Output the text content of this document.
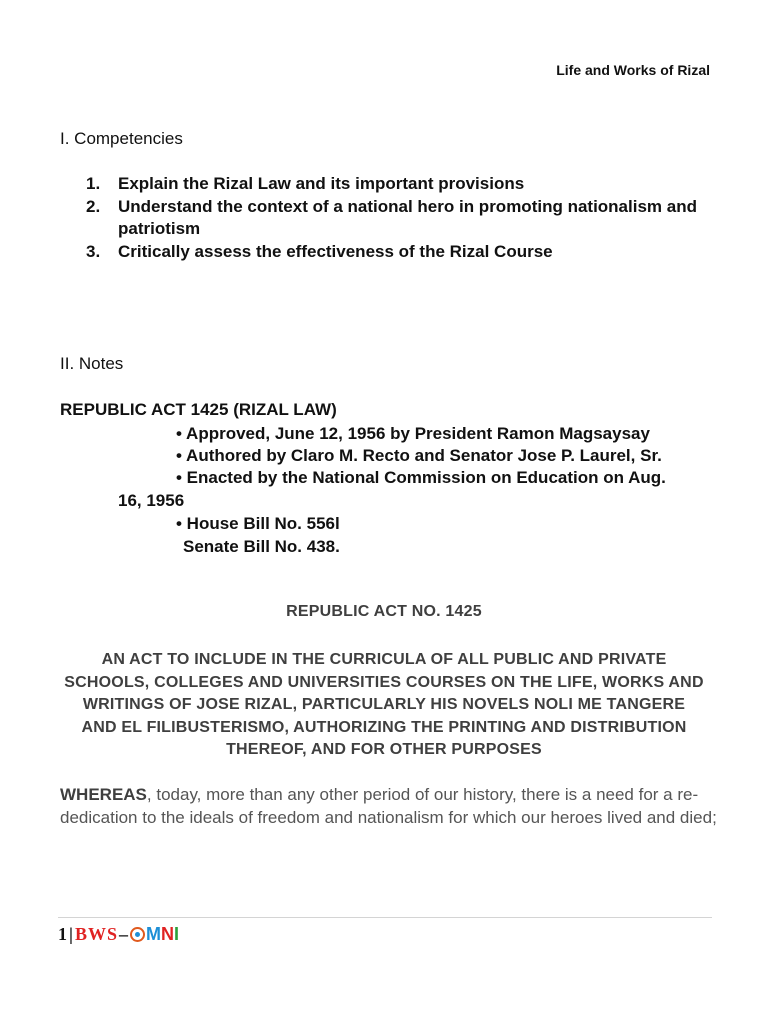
Life and Works of Rizal
I. Competencies
1.	Explain the Rizal Law and its important provisions
2.	Understand the context of a national hero in promoting nationalism and patriotism
3.	Critically assess the effectiveness of the Rizal Course
II. Notes
REPUBLIC ACT 1425 (RIZAL LAW)
• Approved, June 12, 1956 by President Ramon Magsaysay
• Authored by Claro M. Recto and Senator Jose P. Laurel, Sr.
• Enacted by the National Commission on Education on Aug.
16, 1956
• House Bill No. 556l
Senate Bill No. 438.
REPUBLIC ACT NO. 1425
AN ACT TO INCLUDE IN THE CURRICULA OF ALL PUBLIC AND PRIVATE
SCHOOLS, COLLEGES AND UNIVERSITIES COURSES ON THE LIFE, WORKS AND
WRITINGS OF JOSE RIZAL, PARTICULARLY HIS NOVELS NOLI ME TANGERE
AND EL FILIBUSTERISMO, AUTHORIZING THE PRINTING AND DISTRIBUTION
THEREOF, AND FOR OTHER PURPOSES
WHEREAS, today, more than any other period of our history, there is a need for a re-dedication to the ideals of freedom and nationalism for which our heroes lived and died;
1 | BWS – M N I
